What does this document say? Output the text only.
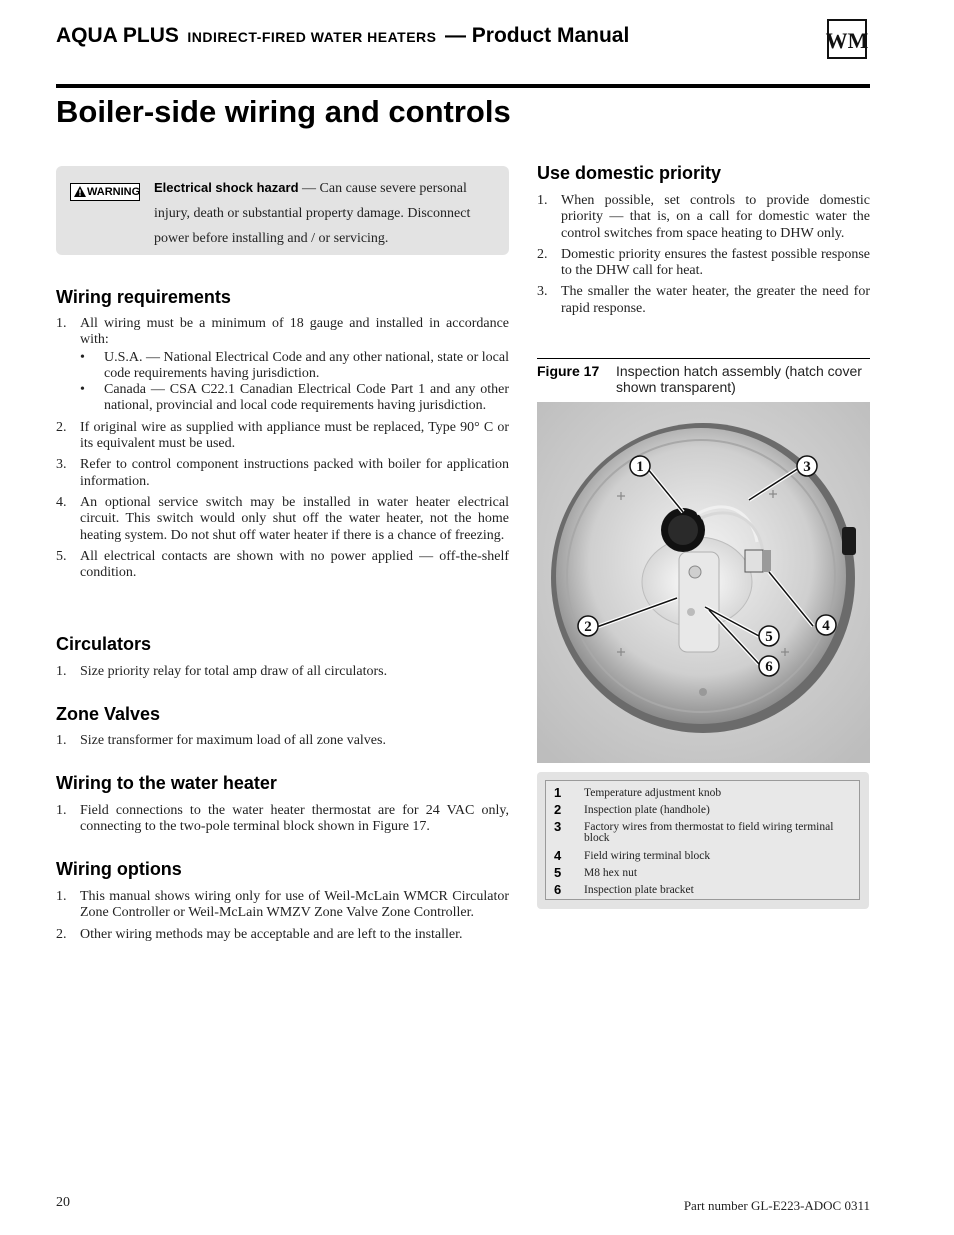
AQUA PLUS INDIRECT-FIRED WATER HEATERS — Product Manual	WM
Boiler-side wiring and controls
WARNING Electrical shock hazard — Can cause severe personal injury, death or substantial property damage. Disconnect power before installing and / or servicing.
Wiring requirements
1. All wiring must be a minimum of 18 gauge and installed in accordance with:
• U.S.A. — National Electrical Code and any other national, state or local code requirements having jurisdiction.
• Canada — CSA C22.1 Canadian Electrical Code Part 1 and any other national, provincial and local code requirements having jurisdiction.
2. If original wire as supplied with appliance must be replaced, Type 90° C or its equivalent must be used.
3. Refer to control component instructions packed with boiler for application information.
4. An optional service switch may be installed in water heater electrical circuit. This switch would only shut off the water heater, not the home heating system. Do not shut off water heater if there is a chance of freezing.
5. All electrical contacts are shown with no power applied — off-the-shelf condition.
Circulators
1. Size priority relay for total amp draw of all circulators.
Zone Valves
1. Size transformer for maximum load of all zone valves.
Wiring to the water heater
1. Field connections to the water heater thermostat are for 24 VAC only, connecting to the two-pole terminal block shown in Figure 17.
Wiring options
1. This manual shows wiring only for use of Weil-McLain WMCR Circulator Zone Controller or Weil-McLain WMZV Zone Valve Zone Controller.
2. Other wiring methods may be acceptable and are left to the installer.
Use domestic priority
1. When possible, set controls to provide domestic priority — that is, on a call for domestic water the control switches from space heating to DHW only.
2. Domestic priority ensures the fastest possible response to the DHW call for heat.
3. The smaller the water heater, the greater the need for rapid response.
Figure 17 Inspection hatch assembly (hatch cover shown transparent)
1	3
2	4
5
6
1 Temperature adjustment knob
2 Inspection plate (handhole)
3 Factory wires from thermostat to field wiring terminal block
4 Field wiring terminal block
5 M8 hex nut
6 Inspection plate bracket
20	Part number GL-E223-ADOC 0311
